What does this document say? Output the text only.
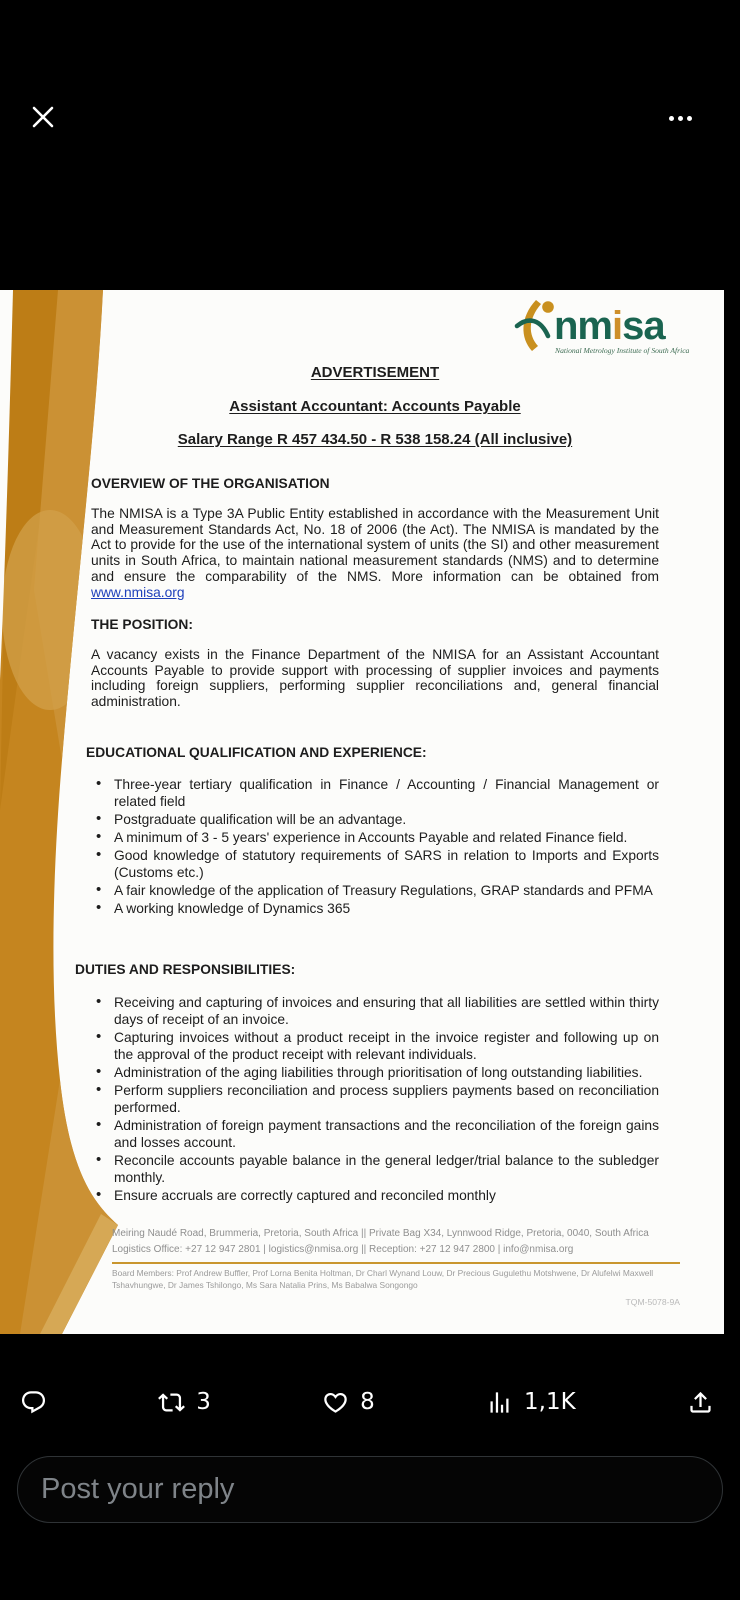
nmisa
National Metrology Institute of South Africa
ADVERTISEMENT
Assistant Accountant: Accounts Payable
Salary Range R 457 434.50 - R 538 158.24 (All inclusive)
OVERVIEW OF THE ORGANISATION

The NMISA is a Type 3A Public Entity established in accordance with the Measurement Unit and Measurement Standards Act, No. 18 of 2006 (the Act). The NMISA is mandated by the Act to provide for the use of the international system of units (the SI) and other measurement units in South Africa, to maintain national measurement standards (NMS) and to determine and ensure the comparability of the NMS. More information can be obtained from www.nmisa.org

THE POSITION:

A vacancy exists in the Finance Department of the NMISA for an Assistant Accountant Accounts Payable to provide support with processing of supplier invoices and payments including foreign suppliers, performing supplier reconciliations and, general financial administration.

EDUCATIONAL QUALIFICATION AND EXPERIENCE:
• Three-year tertiary qualification in Finance / Accounting / Financial Management or related field
• Postgraduate qualification will be an advantage.
• A minimum of 3 - 5 years' experience in Accounts Payable and related Finance field.
• Good knowledge of statutory requirements of SARS in relation to Imports and Exports (Customs etc.)
• A fair knowledge of the application of Treasury Regulations, GRAP standards and PFMA
• A working knowledge of Dynamics 365
DUTIES AND RESPONSIBILITIES:
• Receiving and capturing of invoices and ensuring that all liabilities are settled within thirty days of receipt of an invoice.
• Capturing invoices without a product receipt in the invoice register and following up on the approval of the product receipt with relevant individuals.
• Administration of the aging liabilities through prioritisation of long outstanding liabilities.
• Perform suppliers reconciliation and process suppliers payments based on reconciliation performed.
• Administration of foreign payment transactions and the reconciliation of the foreign gains and losses account.
• Reconcile accounts payable balance in the general ledger/trial balance to the subledger monthly.
• Ensure accruals are correctly captured and reconciled monthly
Meiring Naudé Road, Brummeria, Pretoria, South Africa || Private Bag X34, Lynnwood Ridge, Pretoria, 0040, South Africa
Logistics Office: +27 12 947 2801 | logistics@nmisa.org || Reception: +27 12 947 2800 | info@nmisa.org
Board Members: Prof Andrew Buffler, Prof Lorna Benita Holtman, Dr Charl Wynand Louw, Dr Precious Gugulethu Motshwene, Dr Alufelwi Maxwell Tshavhungwe, Dr James Tshilongo, Ms Sara Natalia Prins, Ms Babalwa Songongo
TQM-5078-9A
3	8	1,1K
Post your reply
